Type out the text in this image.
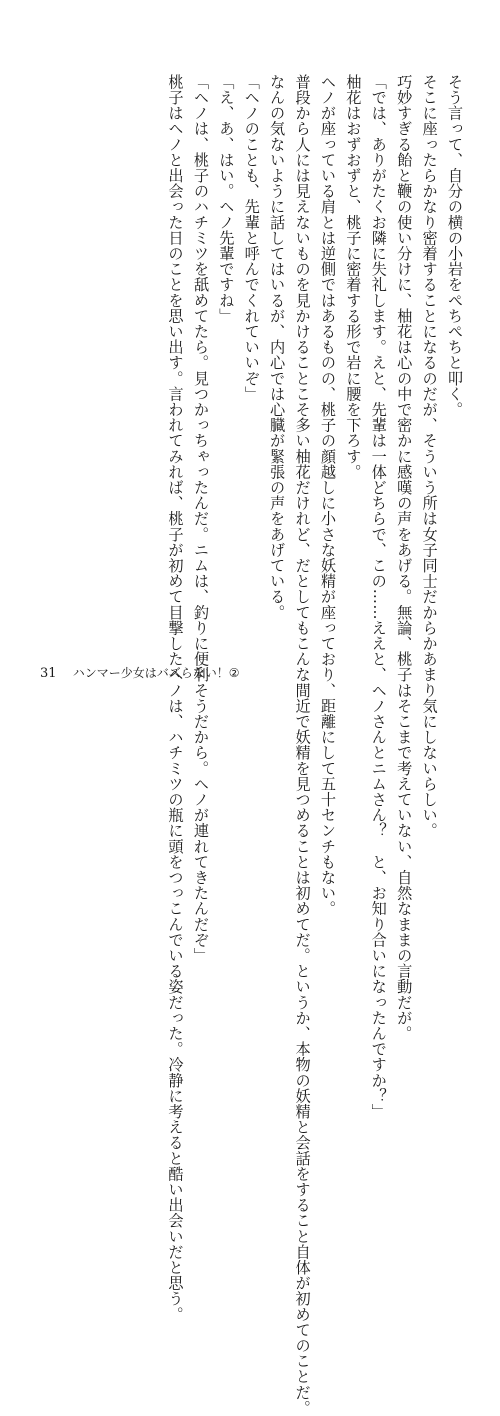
そう言って、自分の横の小岩をぺちぺちと叩く。

そこに座ったらかなり密着することになるのだが、そういう所は女子同士だからかあまり気にしないらしい。

巧妙すぎる飴と鞭の使い分けに、柚花は心の中で密かに感嘆の声をあげる。無論、桃子はそこまで考えていない、自然なままの言動だが。

「では、ありがたくお隣に失礼します。えと、先輩は一体どちらで、この……ええと、ヘノさんとニムさん？　と、お知り合いになったんですか？」

柚花はおずおずと、桃子に密着する形で岩に腰を下ろす。

ヘノが座っている肩とは逆側ではあるものの、桃子の顔越しに小さな妖精が座っており、距離にして五十センチもない。

普段から人には見えないものを見かけることこそ多い柚花だけれど、だとしてもこんな間近で妖精を見つめることは初めてだ。というか、本物の妖精と会話をすること自体が初めてのことだ。

なんの気ないように話してはいるが、内心では心臓が緊張の声をあげている。

「ヘノのことも、先輩と呼んでくれていいぞ」

「え、あ、はい。ヘノ先輩ですね」

「ヘノは、桃子のハチミツを舐めてたら。見つかっちゃったんだ。ニムは、釣りに便利そうだから。ヘノが連れてきたんだぞ」

桃子はヘノと出会った日のことを思い出す。言われてみれば、桃子が初めて目撃したヘノは、ハチミツの瓶に頭をつっこんでいる姿だった。冷静に考えると酷い出会いだと思う。

31 ハンマー少女はバズらない！②
